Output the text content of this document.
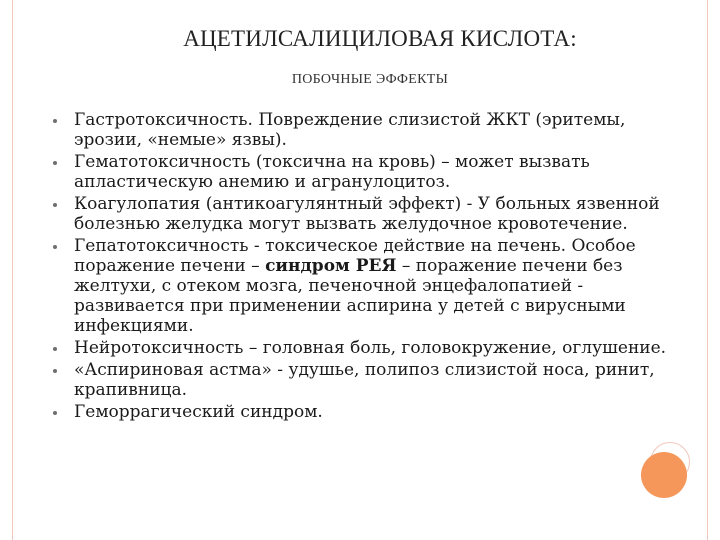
АЦЕТИЛСАЛИЦИЛОВАЯ КИСЛОТА:
ПОБОЧНЫЕ ЭФФЕКТЫ
Гастротоксичность. Повреждение слизистой ЖКТ (эритемы, эрозии, «немые» язвы).
Гематотоксичность (токсична на кровь) – может вызвать апластическую анемию и агранулоцитоз.
Коагулопатия (антикоагулянтный эффект) - У больных язвенной болезнью желудка могут вызвать желудочное кровотечение.
Гепатотоксичность - токсическое действие на печень. Особое поражение печени – синдром РЕЯ – поражение печени без желтухи, с отеком мозга, печеночной энцефалопатией - развивается при применении аспирина у детей с вирусными инфекциями.
Нейротоксичность – головная боль, головокружение, оглушение.
«Аспириновая астма» - удушье, полипоз слизистой носа, ринит, крапивница.
Геморрагический синдром.
